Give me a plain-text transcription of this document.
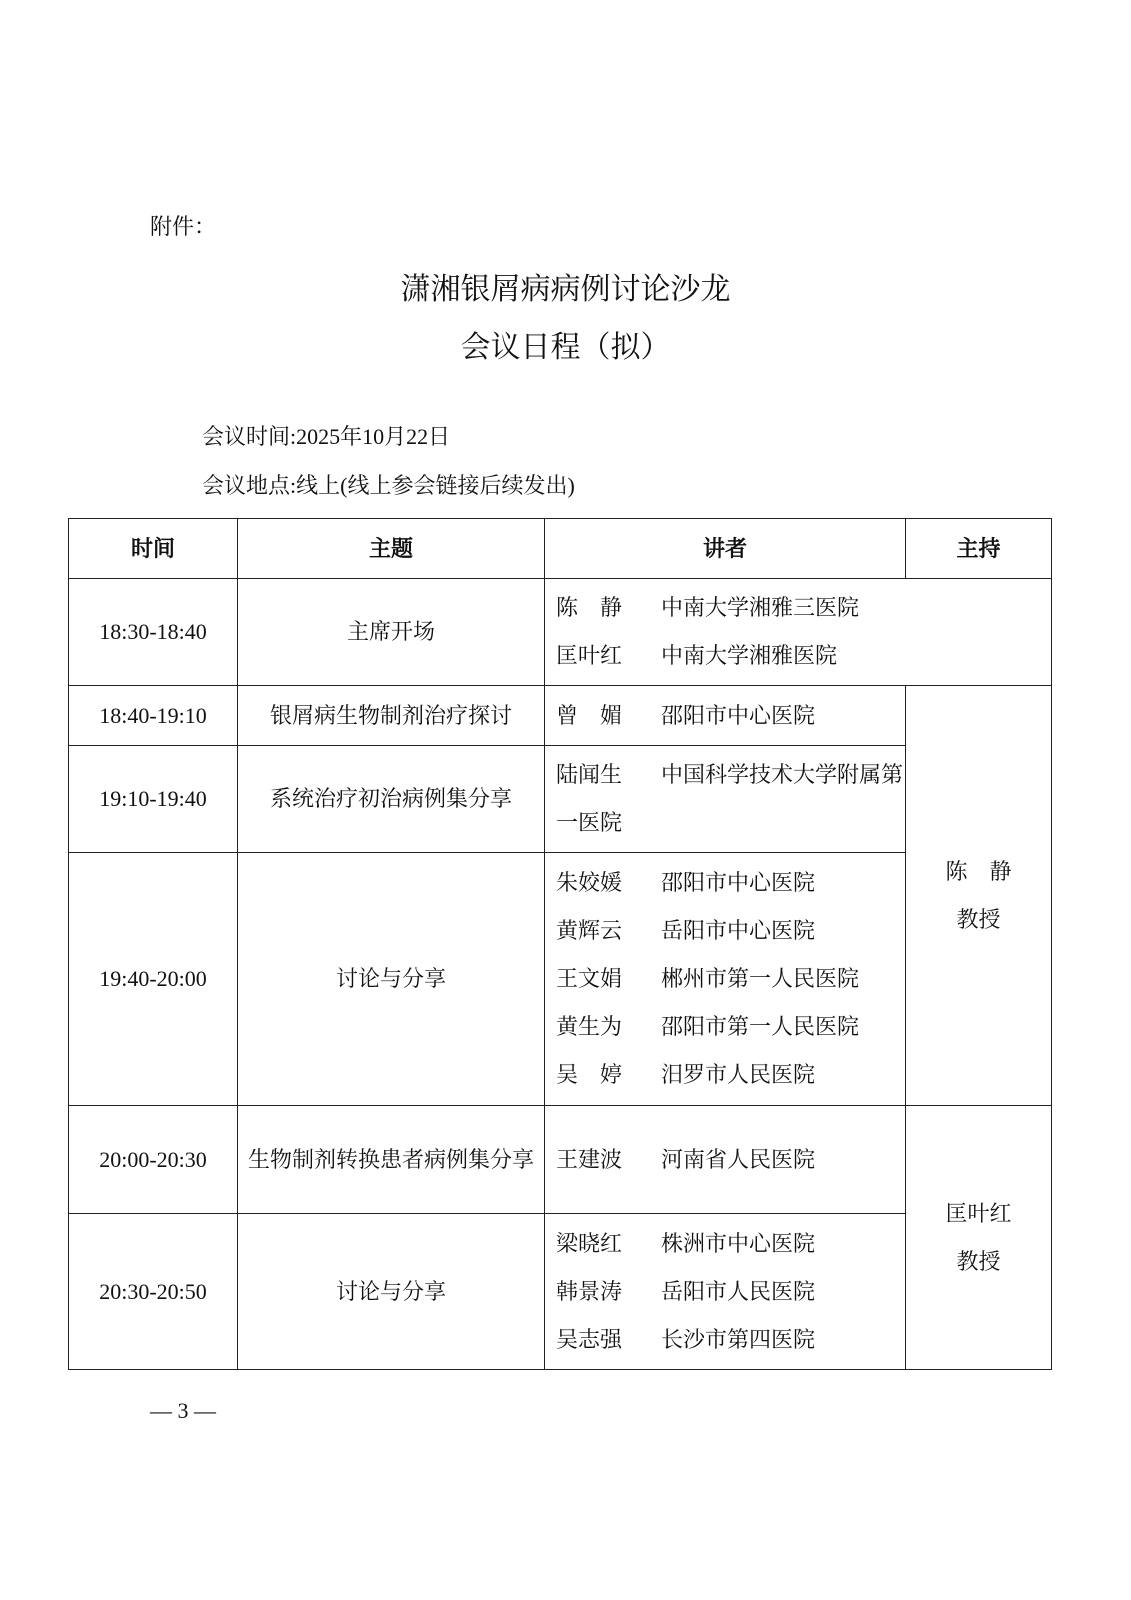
附件：
潇湘银屑病病例讨论沙龙
会议日程（拟）
会议时间:2025年10月22日
会议地点:线上(线上参会链接后续发出)
时间	主题	讲者	主持
18:30-18:40	主席开场	陈　静 中南大学湘雅三医院
匡叶红 中南大学湘雅医院	

18:40-19:10	银屑病生物制剂治疗探讨	曾　媚 邵阳市中心医院	陈　静
教授

19:10-19:40	系统治疗初治病例集分享	陆闻生 中国科学技术大学附属第一医院	

19:40-20:00	讨论与分享	朱姣媛 邵阳市中心医院
黄辉云 岳阳市中心医院
王文娟 郴州市第一人民医院
黄生为 邵阳市第一人民医院
吴　婷 汨罗市人民医院	

20:00-20:30	生物制剂转换患者病例集分享	王建波 河南省人民医院	匡叶红
教授

20:30-20:50	讨论与分享	梁晓红 株洲市中心医院
韩景涛 岳阳市人民医院
吴志强 长沙市第四医院	
— 3 —
